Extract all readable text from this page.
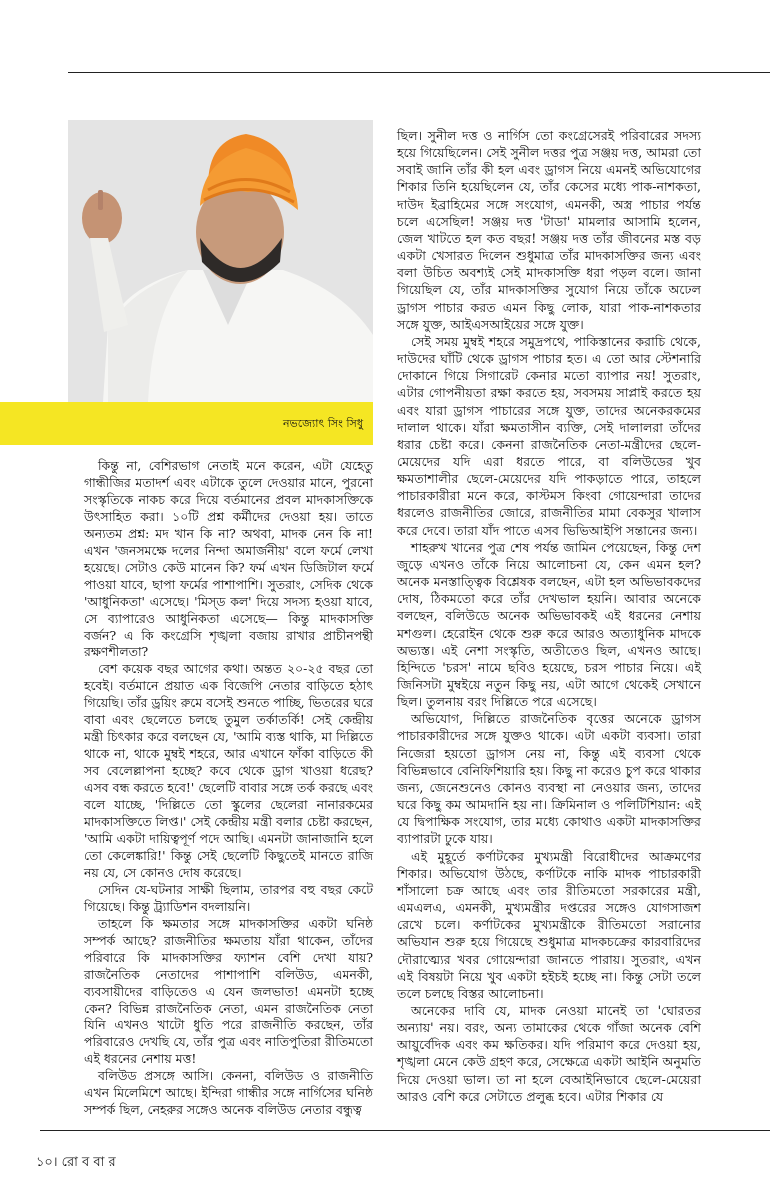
নভজ্যোৎ সিং সিধু

কিন্তু না, বেশিরভাগ নেতাই মনে করেন, এটা যেহেতু গান্ধীজির মতাদর্শ এবং এটাকে তুলে দেওয়ার মানে, পুরনো সংস্কৃতিকে নাকচ করে দিয়ে বর্তমানের প্রবল মাদকাসক্তিকে উৎসাহিত করা। ১০টি প্রশ্ন কর্মীদের দেওয়া হয়। তাতে অন্যতম প্রশ্ন: মদ খান কি না? অথবা, মাদক নেন কি না! এখন 'জনসমক্ষে দলের নিন্দা অমার্জনীয়' বলে ফর্মে লেখা হয়েছে। সেটাও কেউ মানেন কি? ফর্ম এখন ডিজিটাল ফর্মে পাওয়া যাবে, ছাপা ফর্মের পাশাপাশি। সুতরাং, সেদিক থেকে 'আধুনিকতা' এসেছে। 'মিস্‌ড কল' দিয়ে সদস্য হওয়া যাবে, সে ব্যাপারেও আধুনিকতা এসেছে— কিন্তু মাদকাসক্তি বর্জন? এ কি কংগ্রেসি শৃঙ্খলা বজায় রাখার প্রাচীনপন্থী রক্ষণশীলতা?

বেশ কয়েক বছর আগের কথা। অন্তত ২০-২৫ বছর তো হবেই। বর্তমানে প্রয়াত এক বিজেপি নেতার বাড়িতে হঠাৎ গিয়েছি। তাঁর ড্রয়িং রুমে বসেই শুনতে পাচ্ছি, ভিতরের ঘরে বাবা এবং ছেলেতে চলছে তুমুল তর্কাতর্কি! সেই কেন্দ্রীয় মন্ত্রী চিৎকার করে বলছেন যে, 'আমি ব্যস্ত থাকি, মা দিল্লিতে থাকে না, থাকে মুম্বই শহরে, আর এখানে ফাঁকা বাড়িতে কী সব বেলেল্লাপনা হচ্ছে? কবে থেকে ড্রাগ খাওয়া ধরেছ? এসব বন্ধ করতে হবে!' ছেলেটি বাবার সঙ্গে তর্ক করছে এবং বলে যাচ্ছে, 'দিল্লিতে তো স্কুলের ছেলেরা নানারকমের মাদকাসক্তিতে লিপ্ত।' সেই কেন্দ্রীয় মন্ত্রী বলার চেষ্টা করছেন, 'আমি একটা দায়িত্বপূর্ণ পদে আছি। এমনটা জানাজানি হলে তো কেলেঙ্কারি!' কিন্তু সেই ছেলেটি কিছুতেই মানতে রাজি নয় যে, সে কোনও দোষ করেছে।

সেদিন যে-ঘটনার সাক্ষী ছিলাম, তারপর বহু বছর কেটে গিয়েছে। কিন্তু ট্র্যাডিশন বদলায়নি।

তাহলে কি ক্ষমতার সঙ্গে মাদকাসক্তির একটা ঘনিষ্ঠ সম্পর্ক আছে? রাজনীতির ক্ষমতায় যাঁরা থাকেন, তাঁদের পরিবারে কি মাদকাসক্তির ফ্যাশন বেশি দেখা যায়? রাজনৈতিক নেতাদের পাশাপাশি বলিউড, এমনকী, ব্যবসায়ীদের বাড়িতেও এ যেন জলভাত! এমনটা হচ্ছে কেন? বিভিন্ন রাজনৈতিক নেতা, এমন রাজনৈতিক নেতা যিনি এখনও খাটো ধুতি পরে রাজনীতি করছেন, তাঁর পরিবারেও দেখছি যে, তাঁর পুত্র এবং নাতিপুতিরা রীতিমতো এই ধরনের নেশায় মত্ত!

বলিউড প্রসঙ্গে আসি। কেননা, বলিউড ও রাজনীতি এখন মিলেমিশে আছে। ইন্দিরা গান্ধীর সঙ্গে নার্গিসের ঘনিষ্ঠ সম্পর্ক ছিল, নেহরুর সঙ্গেও অনেক বলিউড নেতার বন্ধুত্ব

ছিল। সুনীল দত্ত ও নার্গিস তো কংগ্রেসেরই পরিবারের সদস্য হয়ে গিয়েছিলেন। সেই সুনীল দত্তর পুত্র সঞ্জয় দত্ত, আমরা তো সবাই জানি তাঁর কী হল এবং ড্রাগস নিয়ে এমনই অভিযোগের শিকার তিনি হয়েছিলেন যে, তাঁর কেসের মধ্যে পাক-নাশকতা, দাউদ ইব্রাহিমের সঙ্গে সংযোগ, এমনকী, অস্ত্র পাচার পর্যন্ত চলে এসেছিল! সঞ্জয় দত্ত 'টাডা' মামলার আসামি হলেন, জেল খাটতে হল কত বছর! সঞ্জয় দত্ত তাঁর জীবনের মস্ত বড় একটা খেসারত দিলেন শুধুমাত্র তাঁর মাদকাসক্তির জন্য এবং বলা উচিত অবশ্যই সেই মাদকাসক্তি ধরা পড়ল বলে। জানা গিয়েছিল যে, তাঁর মাদকাসক্তির সুযোগ নিয়ে তাঁকে অঢেল ড্রাগস পাচার করত এমন কিছু লোক, যারা পাক-নাশকতার সঙ্গে যুক্ত, আইএসআইয়ের সঙ্গে যুক্ত।

সেই সময় মুম্বই শহরে সমুদ্রপথে, পাকিস্তানের করাচি থেকে, দাউদের ঘাঁটি থেকে ড্রাগস পাচার হত। এ তো আর স্টেশনারি দোকানে গিয়ে সিগারেট কেনার মতো ব্যাপার নয়! সুতরাং, এটার গোপনীয়তা রক্ষা করতে হয়, সবসময় সাপ্লাই করতে হয় এবং যারা ড্রাগস পাচারের সঙ্গে যুক্ত, তাদের অনেকরকমের দালাল থাকে। যাঁরা ক্ষমতাসীন ব্যক্তি, সেই দালালরা তাঁদের ধরার চেষ্টা করে। কেননা রাজনৈতিক নেতা-মন্ত্রীদের ছেলে-মেয়েদের যদি এরা ধরতে পারে, বা বলিউডের খুব ক্ষমতাশালীর ছেলে-মেয়েদের যদি পাকড়াতে পারে, তাহলে পাচারকারীরা মনে করে, কাস্টমস কিংবা গোয়েন্দারা তাদের ধরলেও রাজনীতির জোরে, রাজনীতির মামা বেকসুর খালাস করে দেবে। তারা যাঁদ পাতে এসব ভিভিআইপি সন্তানের জন্য।

শাহরুখ খানের পুত্র শেষ পর্যন্ত জামিন পেয়েছেন, কিন্তু দেশ জুড়ে এখনও তাঁকে নিয়ে আলোচনা যে, কেন এমন হল? অনেক মনস্তাত্ত্বিক বিশ্লেষক বলছেন, এটা হল অভিভাবকদের দোষ, ঠিকমতো করে তাঁর দেখভাল হয়নি। আবার অনেকে বলছেন, বলিউডে অনেক অভিভাবকই এই ধরনের নেশায় মশগুল। হেরোইন থেকে শুরু করে আরও অত্যাধুনিক মাদকে অভ্যস্ত। এই নেশা সংস্কৃতি, অতীতেও ছিল, এখনও আছে। হিন্দিতে 'চরস' নামে ছবিও হয়েছে, চরস পাচার নিয়ে। এই জিনিসটা মুম্বইয়ে নতুন কিছু নয়, এটা আগে থেকেই সেখানে ছিল। তুলনায় বরং দিল্লিতে পরে এসেছে।

অভিযোগ, দিল্লিতে রাজনৈতিক বৃত্তের অনেকে ড্রাগস পাচারকারীদের সঙ্গে যুক্তও থাকে। এটা একটা ব্যবসা। তারা নিজেরা হয়তো ড্রাগস নেয় না, কিন্তু এই ব্যবসা থেকে বিভিন্নভাবে বেনিফিশিয়ারি হয়। কিছু না করেও চুপ করে থাকার জন্য, জেনেশুনেও কোনও ব্যবস্থা না নেওয়ার জন্য, তাদের ঘরে কিছু কম আমদানি হয় না। ক্রিমিনাল ও পলিটিশিয়ান: এই যে দ্বিপাক্ষিক সংযোগ, তার মধ্যে কোথাও একটা মাদকাসক্তির ব্যাপারটা ঢুকে যায়।

এই মুহূর্তে কর্ণাটকের মুখ্যমন্ত্রী বিরোধীদের আক্রমণের শিকার। অভিযোগ উঠছে, কর্ণাটকে নাকি মাদক পাচারকারী শাঁসালো চক্র আছে এবং তার রীতিমতো সরকারের মন্ত্রী, এমএলএ, এমনকী, মুখ্যমন্ত্রীর দপ্তরের সঙ্গেও যোগসাজশ রেখে চলে। কর্ণাটকের মুখ্যমন্ত্রীকে রীতিমতো সরানোর অভিযান শুরু হয়ে গিয়েছে শুধুমাত্র মাদকচক্রের কারবারিদের দৌরাত্ম্যের খবর গোয়েন্দারা জানতে পারায়। সুতরাং, এখন এই বিষয়টা নিয়ে খুব একটা হইচই হচ্ছে না। কিন্তু সেটা তলে তলে চলছে বিস্তর আলোচনা।

অনেকের দাবি যে, মাদক নেওয়া মানেই তা 'ঘোরতর অন্যায়' নয়। বরং, অন্য তামাকের থেকে গাঁজা অনেক বেশি আয়ুর্বেদিক এবং কম ক্ষতিকর। যদি পরিমাণ করে দেওয়া হয়, শৃঙ্খলা মেনে কেউ গ্রহণ করে, সেক্ষেত্রে একটা আইনি অনুমতি দিয়ে দেওয়া ভাল। তা না হলে বেআইনিভাবে ছেলে-মেয়েরা আরও বেশি করে সেটাতে প্রলুব্ধ হবে। এটার শিকার যে

১০। রো ব বা র
